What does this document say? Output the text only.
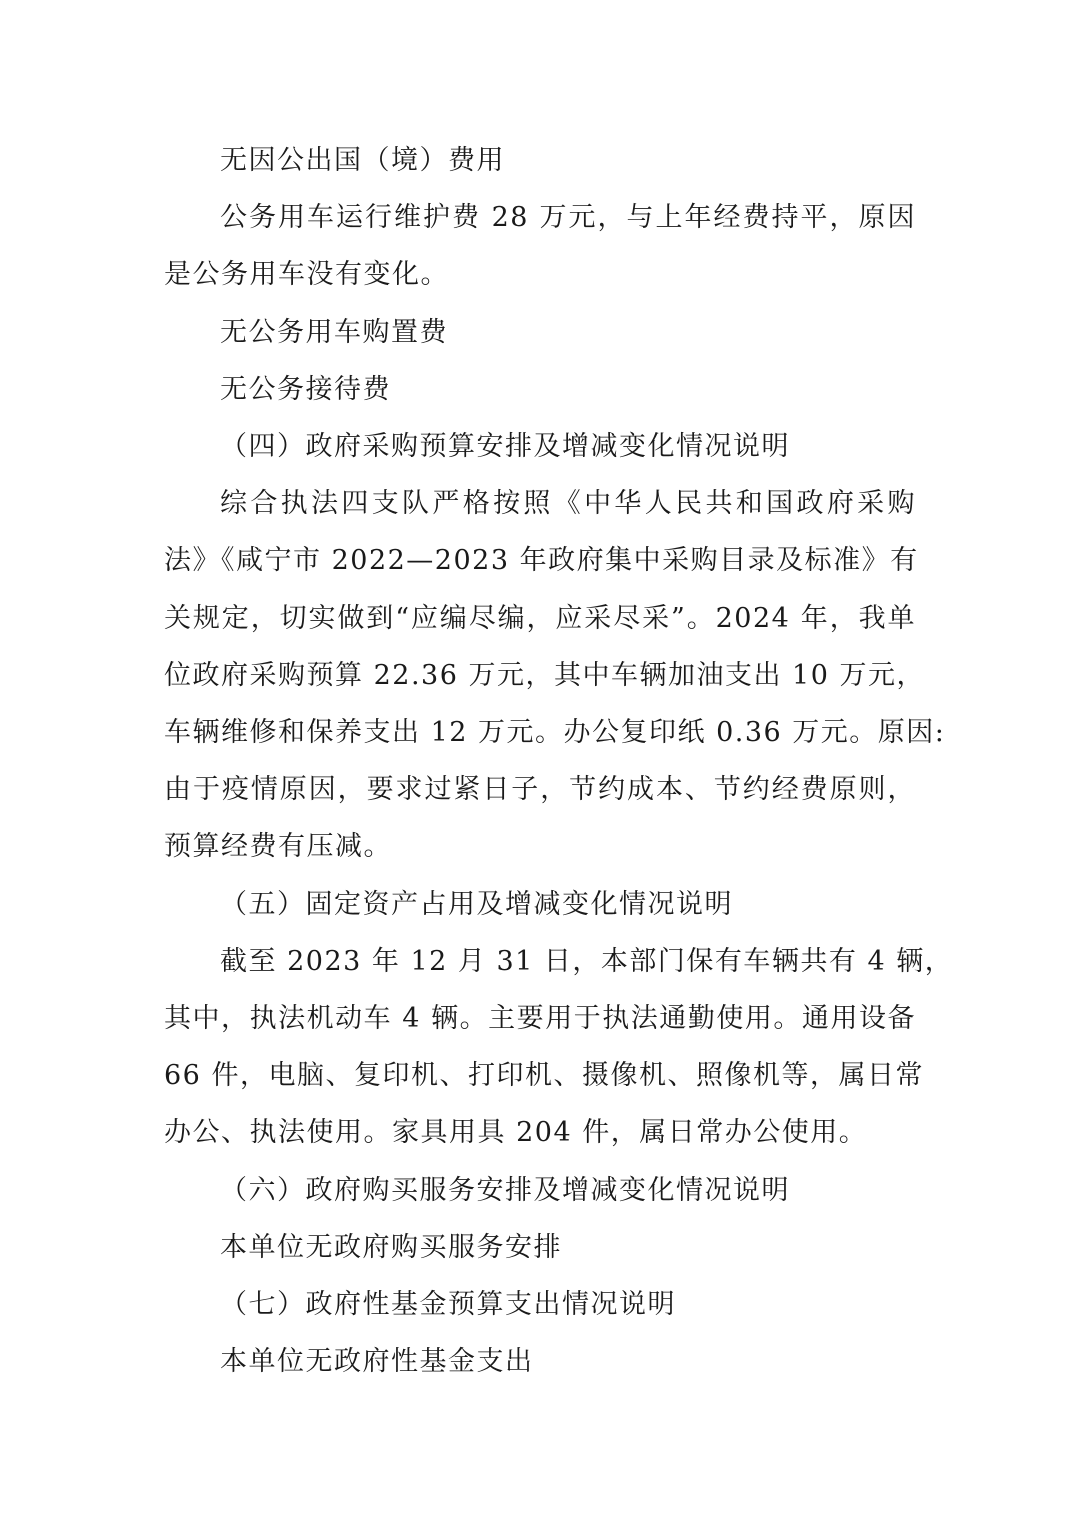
无因公出国（境）费用
公务用车运行维护费 28 万元，与上年经费持平，原因
是公务用车没有变化。
无公务用车购置费
无公务接待费
（四）政府采购预算安排及增减变化情况说明
综合执法四支队严格按照《中华人民共和国政府采购
法》《咸宁市 2022—2023 年政府集中采购目录及标准》有
关规定，切实做到“应编尽编，应采尽采”。2024 年，我单
位政府采购预算 22.36 万元，其中车辆加油支出 10 万元，
车辆维修和保养支出 12 万元。办公复印纸 0.36 万元。原因:
由于疫情原因，要求过紧日子，节约成本、节约经费原则，
预算经费有压减。
（五）固定资产占用及增减变化情况说明
截至 2023 年 12 月 31 日，本部门保有车辆共有 4 辆，
其中，执法机动车 4 辆。主要用于执法通勤使用。通用设备
66 件，电脑、复印机、打印机、摄像机、照像机等，属日常
办公、执法使用。家具用具 204 件，属日常办公使用。
（六）政府购买服务安排及增减变化情况说明
本单位无政府购买服务安排
（七）政府性基金预算支出情况说明
本单位无政府性基金支出
